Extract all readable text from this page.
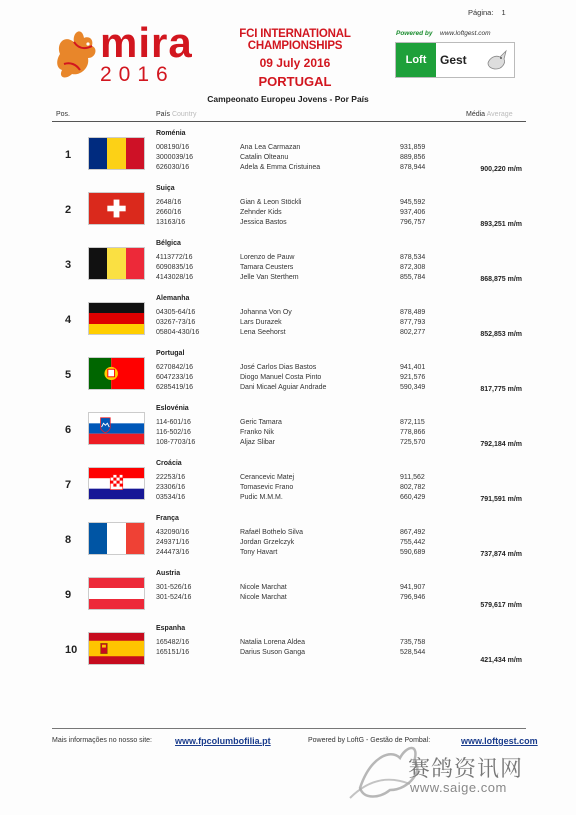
Página: 1
mira
2016
FCI INTERNATIONAL CHAMPIONSHIPS
09 July 2016
PORTUGAL
Powered by www.loftgest.com
Loft	Gest
Campeonato Europeu Jovens - Por País
Pos.	País Country	Média Average
1
Roménia
008190/16	Ana Lea Carmazan	931,859
3000039/16	Catalin Olteanu	889,856
626030/16	Adela & Emma Cristuinea	878,944	900,220 m/m
2
Suiça
2648/16	Gian & Leon Stöckli	945,592
2660/16	Zehnder Kids	937,406
13163/16	Jessica Bastos	796,757	893,251 m/m
3
Bélgica
4113772/16	Lorenzo de Pauw	878,534
6090835/16	Tamara Ceusters	872,308
4143028/16	Jelle Van Sterthem	855,784	868,875 m/m
4
Alemanha
04305-64/16	Johanna Von Oy	878,489
03267-73/16	Lars Durazek	877,793
05804-430/16	Lena Seehorst	802,277	852,853 m/m
5
Portugal
6270842/16	José Carlos Dias Bastos	941,401
6047233/16	Diogo Manuel Costa Pinto	921,576
6285419/16	Dani Micael Aguiar Andrade	590,349	817,775 m/m
6
Eslovénia
114-601/16	Geric Tamara	872,115
116-502/16	Franko Nik	778,866
108-7703/16	Aljaz Slibar	725,570	792,184 m/m
7
Croácia
22253/16	Cerancevic Matej	911,562
23306/16	Tomasevic Frano	802,782
03534/16	Pudic M.M.M.	660,429	791,591 m/m
8
França
432090/16	Rafaël Bothelo Silva	867,492
249371/16	Jordan Grzelczyk	755,442
244473/16	Tony Havart	590,689	737,874 m/m
9
Austria
301-526/16	Nicole Marchat	941,907
301-524/16	Nicole Marchat	796,946
579,617 m/m
10
Espanha
165482/16	Natalia Lorena Aldea	735,758
165151/16	Darius Suson Ganga	528,544
421,434 m/m
Mais informações no nosso site:	www.fpcolumbofilia.pt	Powered by LoftG - Gestão de Pombal:	www.loftgest.com
赛鸽资讯网
www.saige.com
